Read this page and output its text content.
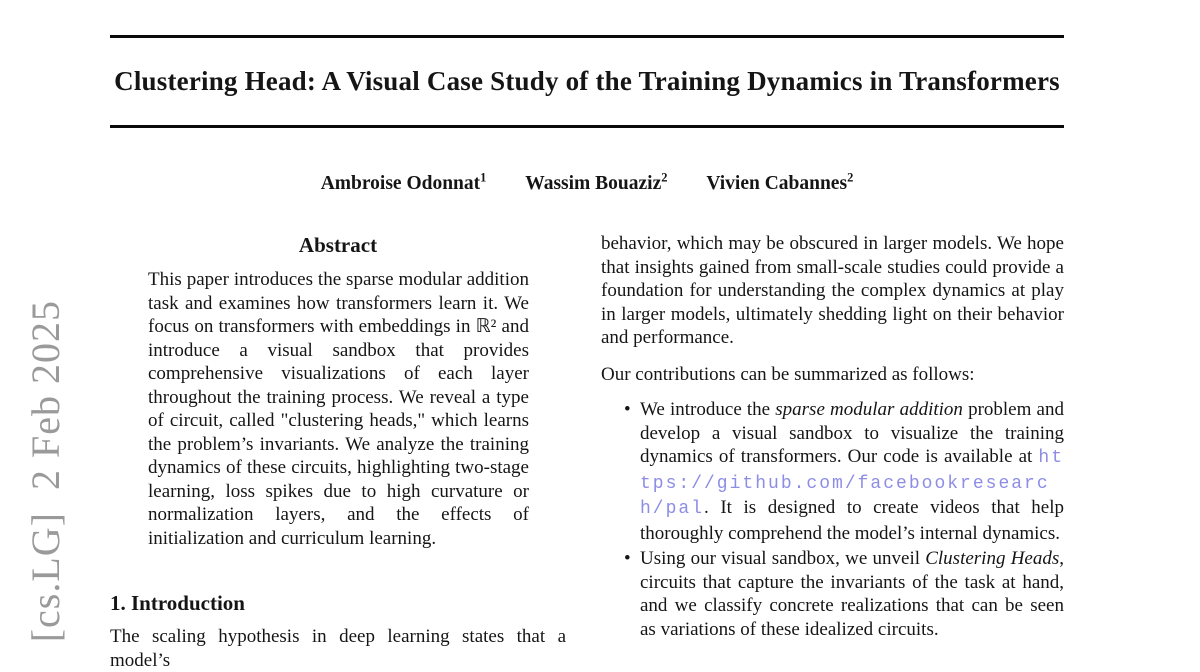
[cs.LG]  2 Feb 2025
Clustering Head: A Visual Case Study of the Training Dynamics in Transformers
Ambroise Odonnat$^1$ Wassim Bouaziz$^2$ Vivien Cabannes$^2$
Abstract

This paper introduces the sparse modular addition task and examines how transformers learn it. We focus on transformers with embeddings in ℝ² and introduce a visual sandbox that provides comprehensive visualizations of each layer throughout the training process. We reveal a type of circuit, called "clustering heads," which learns the problem’s invariants. We analyze the training dynamics of these circuits, highlighting two-stage learning, loss spikes due to high curvature or normalization layers, and the effects of initialization and curriculum learning.

1. Introduction

The scaling hypothesis in deep learning states that a model’s

behavior, which may be obscured in larger models. We hope that insights gained from small-scale studies could provide a foundation for understanding the complex dynamics at play in larger models, ultimately shedding light on their behavior and performance.

Our contributions can be summarized as follows:

• We introduce the sparse modular addition problem and develop a visual sandbox to visualize the training dynamics of transformers. Our code is available at https://github.com/facebookresearch/pal. It is designed to create videos that help thoroughly comprehend the model’s internal dynamics.
• Using our visual sandbox, we unveil Clustering Heads, circuits that capture the invariants of the task at hand, and we classify concrete realizations that can be seen as variations of these idealized circuits.
